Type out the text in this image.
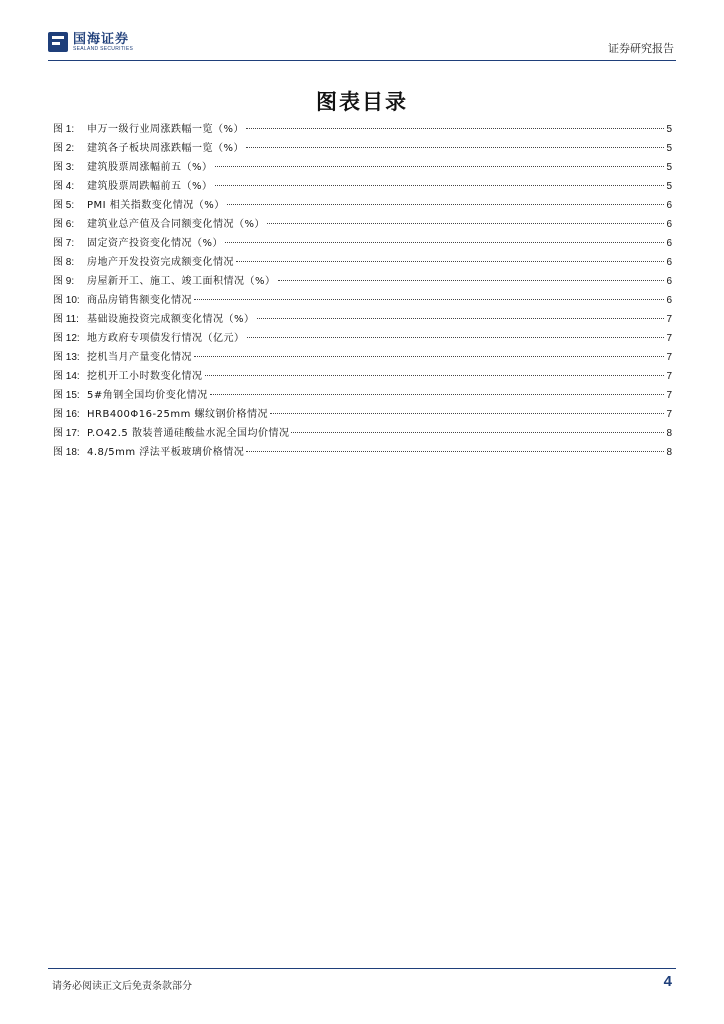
国海证券
SEALAND SECURITIES	证券研究报告
图表目录
图 1: 申万一级行业周涨跌幅一览（%）	5
图 2: 建筑各子板块周涨跌幅一览（%）	5
图 3: 建筑股票周涨幅前五（%）	5
图 4: 建筑股票周跌幅前五（%）	5
图 5: PMI 相关指数变化情况（%）	6
图 6: 建筑业总产值及合同额变化情况（%）	6
图 7: 固定资产投资变化情况（%）	6
图 8: 房地产开发投资完成额变化情况	6
图 9: 房屋新开工、施工、竣工面积情况（%）	6
图 10: 商品房销售额变化情况	6
图 11: 基础设施投资完成额变化情况（%）	7
图 12: 地方政府专项债发行情况（亿元）	7
图 13: 挖机当月产量变化情况	7
图 14: 挖机开工小时数变化情况	7
图 15: 5#角钢全国均价变化情况	7
图 16: HRB400Φ16-25mm 螺纹钢价格情况	7
图 17: P.O42.5 散装普通硅酸盐水泥全国均价情况	8
图 18: 4.8/5mm 浮法平板玻璃价格情况	8
请务必阅读正文后免责条款部分	4
